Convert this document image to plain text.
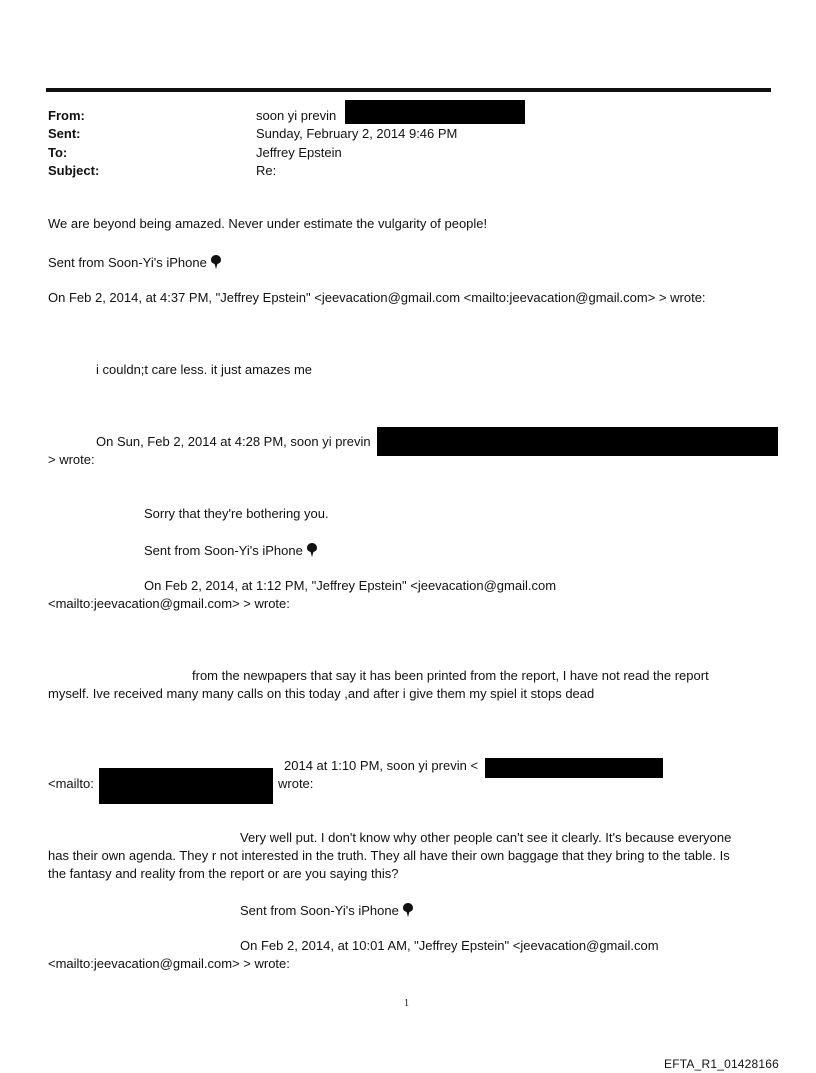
From:	soon yi previn
Sent:	Sunday, February 2, 2014 9:46 PM
To:	Jeffrey Epstein
Subject:	Re:
We are beyond being amazed. Never under estimate the vulgarity of people!
Sent from Soon-Yi's iPhone
On Feb 2, 2014, at 4:37 PM, "Jeffrey Epstein" <jeevacation@gmail.com <mailto:jeevacation@gmail.com> > wrote:
i couldn;t care less. it just amazes me
On Sun, Feb 2, 2014 at 4:28 PM, soon yi previn
> wrote:
Sorry that they're bothering you.
Sent from Soon-Yi's iPhone
On Feb 2, 2014, at 1:12 PM, "Jeffrey Epstein" <jeevacation@gmail.com
<mailto:jeevacation@gmail.com> > wrote:
from the newpapers that say it has been printed from the report, I have not read the report
myself. Ive received many many calls on this today ,and after i give them my spiel it stops dead
2014 at 1:10 PM, soon yi previn <
<mailto:	wrote:
Very well put. I don't know why other people can't see it clearly. It's because everyone
has their own agenda. They r not interested in the truth. They all have their own baggage that they bring to the table. Is
the fantasy and reality from the report or are you saying this?
Sent from Soon-Yi's iPhone
On Feb 2, 2014, at 10:01 AM, "Jeffrey Epstein" <jeevacation@gmail.com
<mailto:jeevacation@gmail.com> > wrote:
1
EFTA_R1_01428166
